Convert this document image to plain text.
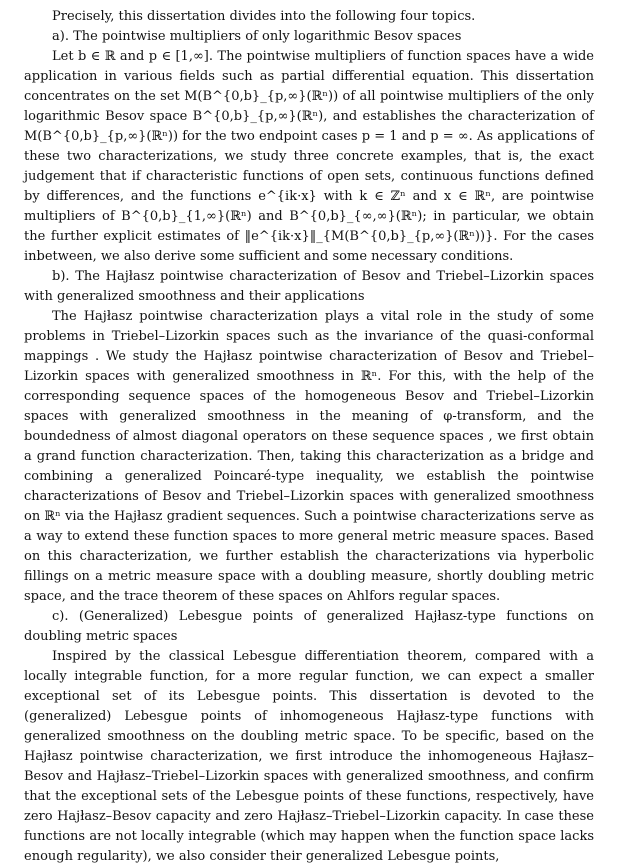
Precisely, this dissertation divides into the following four topics.

a). The pointwise multipliers of only logarithmic Besov spaces

Let b ∈ ℝ and p ∈ [1,∞]. The pointwise multipliers of function spaces have a wide application in various fields such as partial differential equation. This dissertation concentrates on the set M(B^{0,b}_{p,∞}(ℝⁿ)) of all pointwise multipliers of the only logarithmic Besov space B^{0,b}_{p,∞}(ℝⁿ), and establishes the characterization of M(B^{0,b}_{p,∞}(ℝⁿ)) for the two endpoint cases p = 1 and p = ∞. As applications of these two characterizations, we study three concrete examples, that is, the exact judgement that if characteristic functions of open sets, continuous functions defined by differences, and the functions e^{ik·x} with k ∈ ℤⁿ and x ∈ ℝⁿ, are pointwise multipliers of B^{0,b}_{1,∞}(ℝⁿ) and B^{0,b}_{∞,∞}(ℝⁿ); in particular, we obtain the further explicit estimates of ‖e^{ik·x}‖_{M(B^{0,b}_{p,∞}(ℝⁿ))}. For the cases inbetween, we also derive some sufficient and some necessary conditions.

b). The Hajłasz pointwise characterization of Besov and Triebel–Lizorkin spaces with generalized smoothness and their applications

The Hajłasz pointwise characterization plays a vital role in the study of some problems in Triebel–Lizorkin spaces such as the invariance of the quasi-conformal mappings . We study the Hajłasz pointwise characterization of Besov and Triebel–Lizorkin spaces with generalized smoothness in ℝⁿ. For this, with the help of the corresponding sequence spaces of the homogeneous Besov and Triebel–Lizorkin spaces with generalized smoothness in the meaning of φ-transform, and the boundedness of almost diagonal operators on these sequence spaces , we first obtain a grand function characterization. Then, taking this characterization as a bridge and combining a generalized Poincaré-type inequality, we establish the pointwise characterizations of Besov and Triebel–Lizorkin spaces with generalized smoothness on ℝⁿ via the Hajłasz gradient sequences. Such a pointwise characterizations serve as a way to extend these function spaces to more general metric measure spaces. Based on this characterization, we further establish the characterizations via hyperbolic fillings on a metric measure space with a doubling measure, shortly doubling metric space, and the trace theorem of these spaces on Ahlfors regular spaces.

c). (Generalized) Lebesgue points of generalized Hajłasz-type functions on doubling metric spaces

Inspired by the classical Lebesgue differentiation theorem, compared with a locally integrable function, for a more regular function, we can expect a smaller exceptional set of its Lebesgue points. This dissertation is devoted to the (generalized) Lebesgue points of inhomogeneous Hajłasz-type functions with generalized smoothness on the doubling metric space. To be specific, based on the Hajłasz pointwise characterization, we first introduce the inhomogeneous Hajłasz–Besov and Hajłasz–Triebel–Lizorkin spaces with generalized smoothness, and confirm that the exceptional sets of the Lebesgue points of these functions, respectively, have zero Hajłasz–Besov capacity and zero Hajłasz–Triebel–Lizorkin capacity. In case these functions are not locally integrable (which may happen when the function space lacks enough regularity), we also consider their generalized Lebesgue points,
